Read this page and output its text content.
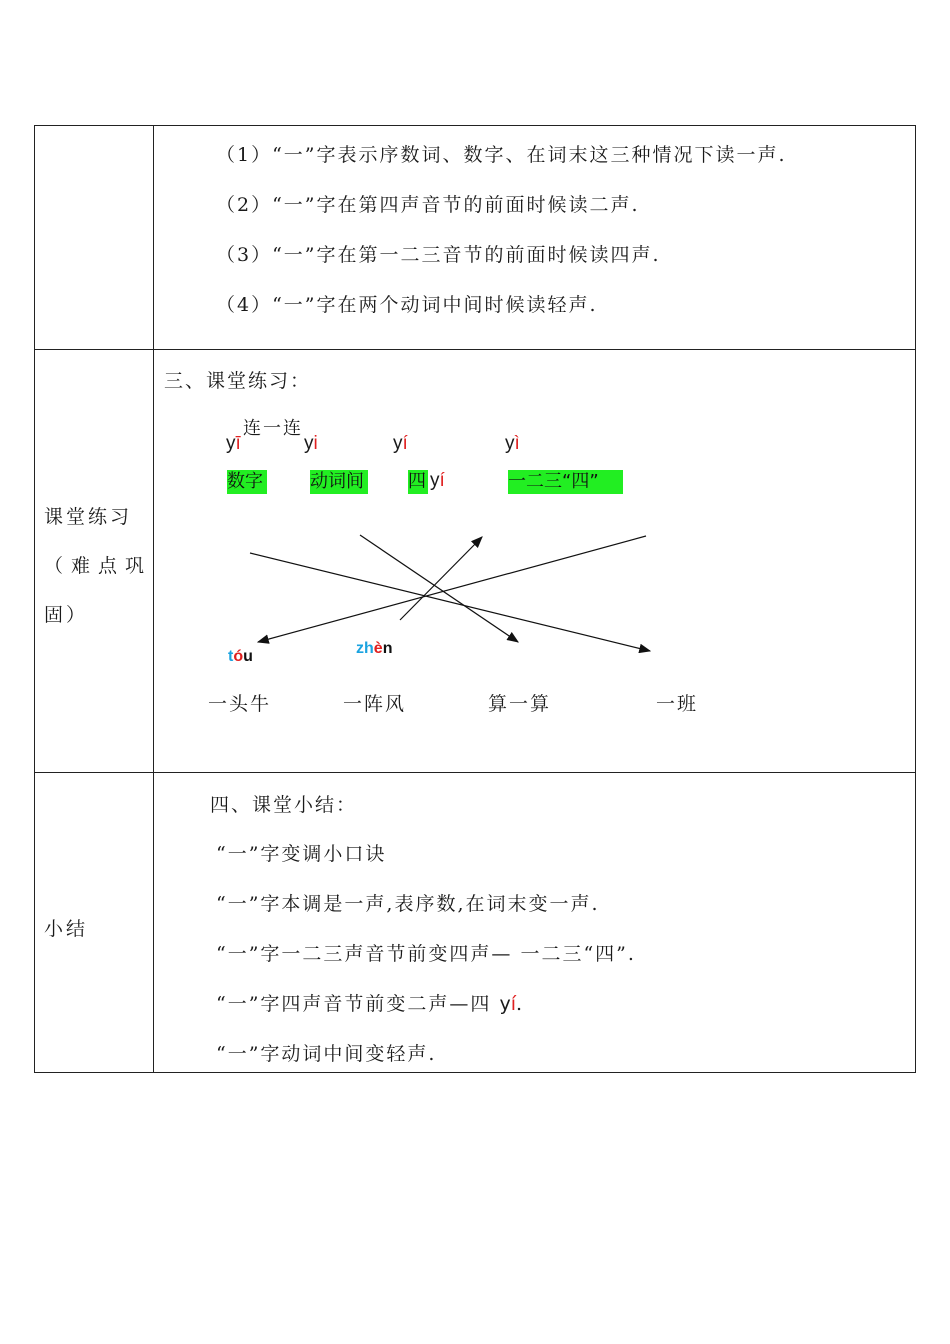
（1）“一”字表示序数词、数字、在词末这三种情况下读一声.
（2）“一”字在第四声音节的前面时候读二声.
（3）“一”字在第一二三音节的前面时候读四声.
（4）“一”字在两个动词中间时候读轻声.
课堂练习
（难点巩
固）
三、课堂练习：
连一连
yī	yi	yí	yì
数字	动词间 四 yí	一二三“四”
tóu	zhèn
一头牛	一阵风	算一算	一班
小结
四、课堂小结：
“一”字变调小口诀
“一”字本调是一声,表序数,在词末变一声.
“一”字一二三声音节前变四声— 一二三“四”.
“一”字四声音节前变二声—四 yí.
“一”字动词中间变轻声.
